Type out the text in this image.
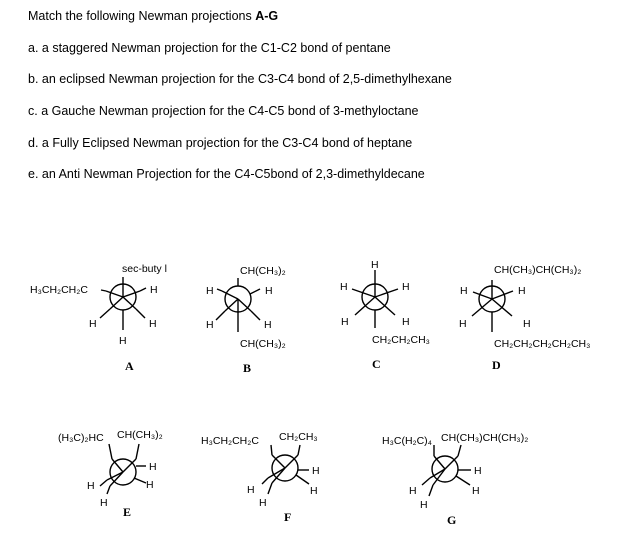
Match the following Newman projections A-G
a. a staggered Newman projection for the C1-C2 bond of pentane
b. an eclipsed Newman projection for the C3-C4 bond of 2,5-dimethylhexane
c. a Gauche Newman projection for the C4-C5 bond of 3-methyloctane
d. a Fully Eclipsed Newman projection for the C3-C4 bond of heptane
e. an Anti Newman Projection for the C4-C5bond of 2,3-dimethyldecane
sec-buty l
H₃CH₂CH₂C	H
H	H
H
A
CH(CH₃)₂
H	H
H	H
CH(CH₃)₂
B
H
H	H
H	H
CH₂CH₂CH₃
C
CH(CH₃)CH(CH₃)₂
H	H
H	H
CH₂CH₂CH₂CH₂CH₃
D
(H₃C)₂HC CH(CH₃)₂
H
H
H
H
E
H₃CH₂CH₂C CH₂CH₃
H
H
H
H
F
H₃C(H₂C)₄ CH(CH₃)CH(CH₃)₂
H
H
H
H
G
